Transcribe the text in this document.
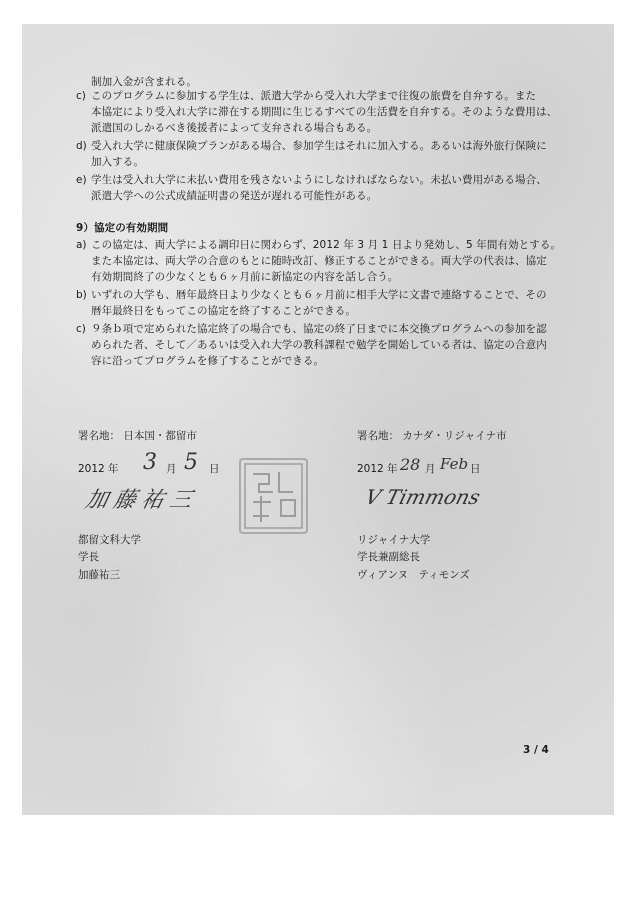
制加入金が含まれる。
c) このプログラムに参加する学生は、派遣大学から受入れ大学まで往復の旅費を自弁する。また
本協定により受入れ大学に滞在する期間に生じるすべての生活費を自弁する。そのような費用は、
派遣国のしかるべき後援者によって支弁される場合もある。
d) 受入れ大学に健康保険プランがある場合、参加学生はそれに加入する。あるいは海外旅行保険に
加入する。
e) 学生は受入れ大学に未払い費用を残さないようにしなければならない。未払い費用がある場合、
派遣大学への公式成績証明書の発送が遅れる可能性がある。
9）協定の有効期間
a) この協定は、両大学による調印日に関わらず、2012 年 3 月 1 日より発効し、5 年間有効とする。
また本協定は、両大学の合意のもとに随時改訂、修正することができる。両大学の代表は、協定
有効期間終了の少なくとも６ヶ月前に新協定の内容を話し合う。
b) いずれの大学も、暦年最終日より少なくとも６ヶ月前に相手大学に文書で連絡することで、その
暦年最終日をもってこの協定を終了することができる。
c) ９条ｂ項で定められた協定終了の場合でも、協定の終了日までに本交換プログラムへの参加を認
められた者、そして／あるいは受入れ大学の教科課程で勉学を開始している者は、協定の合意内
容に沿ってプログラムを修了することができる。
署名地： 日本国・都留市
2012 年 3 月 5 日
加藤祐三
都留文科大学
学長
加藤祐三
署名地： カナダ・リジャイナ市
2012 年 28 月 Feb 日
V Timmons
リジャイナ大学
学長兼副総長
ヴィアンヌ　ティモンズ
3 / 4
